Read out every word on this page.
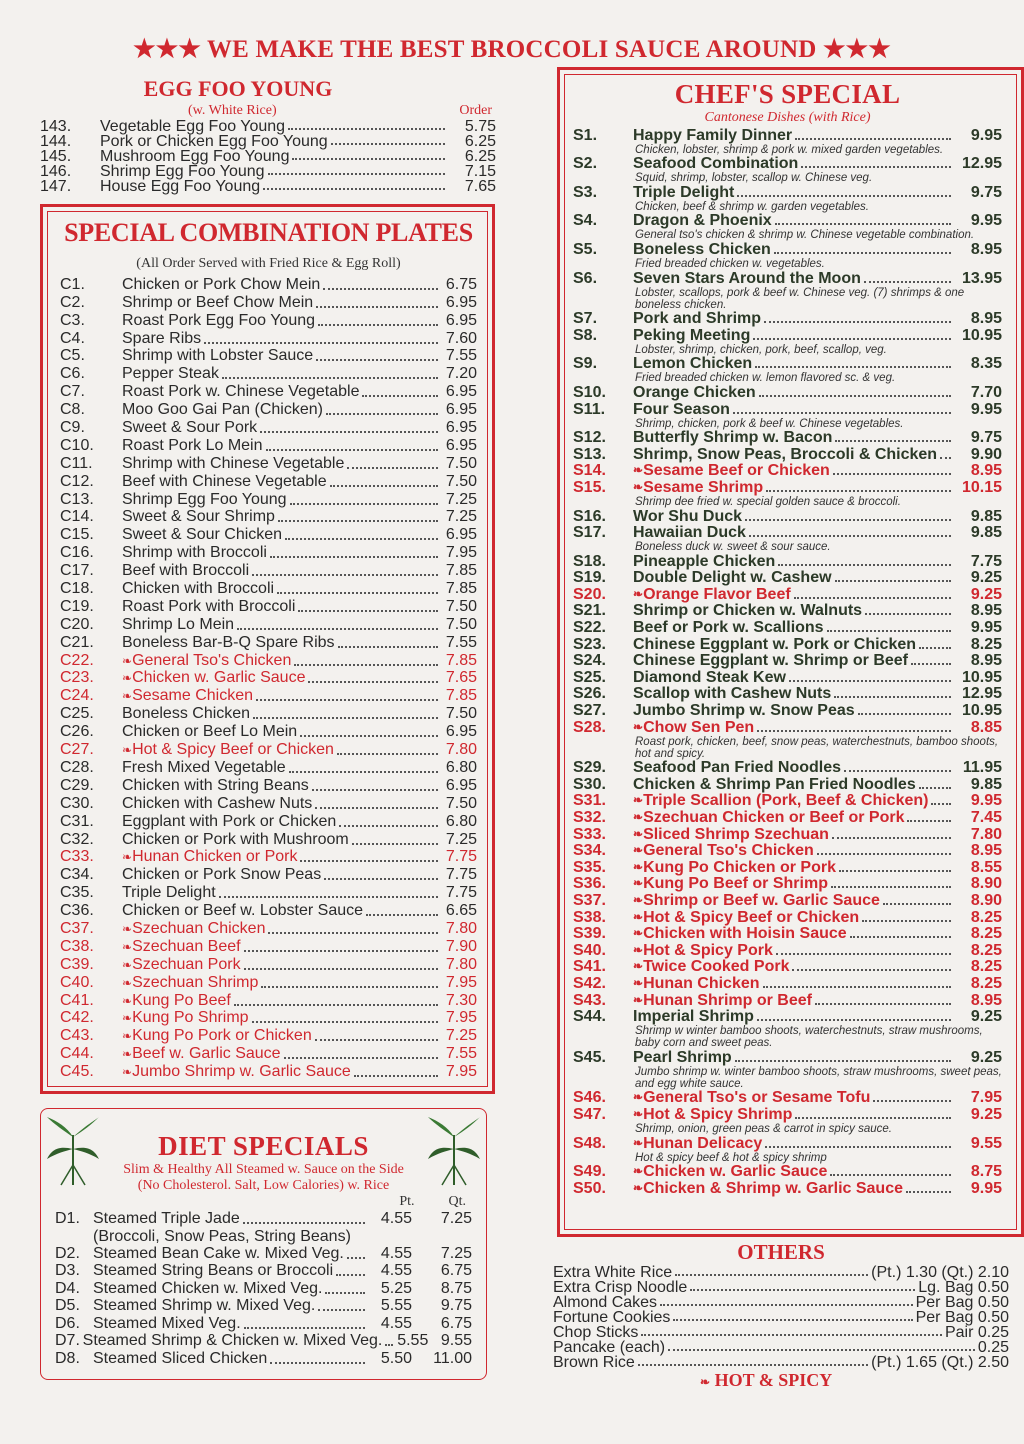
★★★ WE MAKE THE BEST BROCCOLI SAUCE AROUND ★★★
EGG FOO YOUNG
(w. White Rice)	Order
143.	Vegetable Egg Foo Young	5.75
144.	Pork or Chicken Egg Foo Young	6.25
145.	Mushroom Egg Foo Young	6.25
146.	Shrimp Egg Foo Young	7.15
147.	House Egg Foo Young	7.65
SPECIAL COMBINATION PLATES
(All Order Served with Fried Rice & Egg Roll)
C1.	Chicken or Pork Chow Mein	6.75
C2.	Shrimp or Beef Chow Mein	6.95
C3.	Roast Pork Egg Foo Young	6.95
C4.	Spare Ribs	7.60
C5.	Shrimp with Lobster Sauce	7.55
C6.	Pepper Steak	7.20
C7.	Roast Pork w. Chinese Vegetable	6.95
C8.	Moo Goo Gai Pan (Chicken)	6.95
C9.	Sweet & Sour Pork	6.95
C10.	Roast Pork Lo Mein	6.95
C11.	Shrimp with Chinese Vegetable	7.50
C12.	Beef with Chinese Vegetable	7.50
C13.	Shrimp Egg Foo Young	7.25
C14.	Sweet & Sour Shrimp	7.25
C15.	Sweet & Sour Chicken	6.95
C16.	Shrimp with Broccoli	7.95
C17.	Beef with Broccoli	7.85
C18.	Chicken with Broccoli	7.85
C19.	Roast Pork with Broccoli	7.50
C20.	Shrimp Lo Mein	7.50
C21.	Boneless Bar-B-Q Spare Ribs	7.55
C22.	❧ General Tso's Chicken	7.85
C23.	❧ Chicken w. Garlic Sauce	7.65
C24.	❧ Sesame Chicken	7.85
C25.	Boneless Chicken	7.50
C26.	Chicken or Beef Lo Mein	6.95
C27.	❧ Hot & Spicy Beef or Chicken	7.80
C28.	Fresh Mixed Vegetable	6.80
C29.	Chicken with String Beans	6.95
C30.	Chicken with Cashew Nuts	7.50
C31.	Eggplant with Pork or Chicken	6.80
C32.	Chicken or Pork with Mushroom	7.25
C33.	❧ Hunan Chicken or Pork	7.75
C34.	Chicken or Pork Snow Peas	7.75
C35.	Triple Delight	7.75
C36.	Chicken or Beef w. Lobster Sauce	6.65
C37.	❧ Szechuan Chicken	7.80
C38.	❧ Szechuan Beef	7.90
C39.	❧ Szechuan Pork	7.80
C40.	❧ Szechuan Shrimp	7.95
C41.	❧ Kung Po Beef	7.30
C42.	❧ Kung Po Shrimp	7.95
C43.	❧ Kung Po Pork or Chicken	7.25
C44.	❧ Beef w. Garlic Sauce	7.55
C45.	❧ Jumbo Shrimp w. Garlic Sauce	7.95
DIET SPECIALS
Slim & Healthy All Steamed w. Sauce on the Side
(No Cholesterol. Salt, Low Calories) w. Rice
Pt. Qt.
D1. Steamed Triple Jade	4.55	7.25
(Broccoli, Snow Peas, String Beans)
D2. Steamed Bean Cake w. Mixed Veg.	4.55	7.25
D3. Steamed String Beans or Broccoli	4.55	6.75
D4. Steamed Chicken w. Mixed Veg.	5.25	8.75
D5. Steamed Shrimp w. Mixed Veg.	5.55	9.75
D6. Steamed Mixed Veg.	4.55	6.75
D7. Steamed Shrimp & Chicken w. Mixed Veg. 5.55 9.55
D8. Steamed Sliced Chicken	5.50	11.00
CHEF'S SPECIAL
Cantonese Dishes (with Rice)
S1.	Happy Family Dinner	9.95
Chicken, lobster, shrimp & pork w. mixed garden vegetables.
S2.	Seafood Combination	12.95
Squid, shrimp, lobster, scallop w. Chinese veg.
S3.	Triple Delight	9.75
Chicken, beef & shrimp w. garden vegetables.
S4.	Dragon & Phoenix	9.95
General tso's chicken & shrimp w. Chinese vegetable combination.
S5.	Boneless Chicken	8.95
Fried breaded chicken w. vegetables.
S6.	Seven Stars Around the Moon	13.95
Lobster, scallops, pork & beef w. Chinese veg. (7) shrimps & one boneless chicken.
S7.	Pork and Shrimp	8.95
S8.	Peking Meeting	10.95
Lobster, shrimp, chicken, pork, beef, scallop, veg.
S9.	Lemon Chicken	8.35
Fried breaded chicken w. lemon flavored sc. & veg.
S10.	Orange Chicken	7.70
S11.	Four Season	9.95
Shrimp, chicken, pork & beef w. Chinese vegetables.
S12.	Butterfly Shrimp w. Bacon	9.75
S13.	Shrimp, Snow Peas, Broccoli & Chicken	9.90
S14.	❧ Sesame Beef or Chicken	8.95
S15.	❧ Sesame Shrimp	10.15
Shrimp dee fried w. special golden sauce & broccoli.
S16.	Wor Shu Duck	9.85
S17.	Hawaiian Duck	9.85
Boneless duck w. sweet & sour sauce.
S18.	Pineapple Chicken	7.75
S19.	Double Delight w. Cashew	9.25
S20.	❧ Orange Flavor Beef	9.25
S21.	Shrimp or Chicken w. Walnuts	8.95
S22.	Beef or Pork w. Scallions	9.95
S23.	Chinese Eggplant w. Pork or Chicken	8.25
S24.	Chinese Eggplant w. Shrimp or Beef	8.95
S25.	Diamond Steak Kew	10.95
S26.	Scallop with Cashew Nuts	12.95
S27.	Jumbo Shrimp w. Snow Peas	10.95
S28.	❧ Chow Sen Pen	8.85
Roast pork, chicken, beef, snow peas, waterchestnuts, bamboo shoots, hot and spicy.
S29.	Seafood Pan Fried Noodles	11.95
S30.	Chicken & Shrimp Pan Fried Noodles	9.85
S31.	❧ Triple Scallion (Pork, Beef & Chicken)	9.95
S32.	❧ Szechuan Chicken or Beef or Pork	7.45
S33.	❧ Sliced Shrimp Szechuan	7.80
S34.	❧ General Tso's Chicken	8.95
S35.	❧ Kung Po Chicken or Pork	8.55
S36.	❧ Kung Po Beef or Shrimp	8.90
S37.	❧ Shrimp or Beef w. Garlic Sauce	8.90
S38.	❧ Hot & Spicy Beef or Chicken	8.25
S39.	❧ Chicken with Hoisin Sauce	8.25
S40.	❧ Hot & Spicy Pork	8.25
S41.	❧ Twice Cooked Pork	8.25
S42.	❧ Hunan Chicken	8.25
S43.	❧ Hunan Shrimp or Beef	8.95
S44.	Imperial Shrimp	9.25
Shrimp w winter bamboo shoots, waterchestnuts, straw mushrooms, baby corn and sweet peas.
S45.	Pearl Shrimp	9.25
Jumbo shrimp w. winter bamboo shoots, straw mushrooms, sweet peas, and egg white sauce.
S46.	❧ General Tso's or Sesame Tofu	7.95
S47.	❧ Hot & Spicy Shrimp	9.25
Shrimp, onion, green peas & carrot in spicy sauce.
S48.	❧ Hunan Delicacy	9.55
Hot & spicy beef & hot & spicy shrimp
S49.	❧ Chicken w. Garlic Sauce	8.75
S50.	❧ Chicken & Shrimp w. Garlic Sauce	9.95
OTHERS
Extra White Rice	(Pt.) 1.30 (Qt.) 2.10
Extra Crisp Noodle	Lg. Bag 0.50
Almond Cakes	Per Bag 0.50
Fortune Cookies	Per Bag 0.50
Chop Sticks	Pair 0.25
Pancake (each)	0.25
Brown Rice	(Pt.) 1.65 (Qt.) 2.50
❧ HOT & SPICY
